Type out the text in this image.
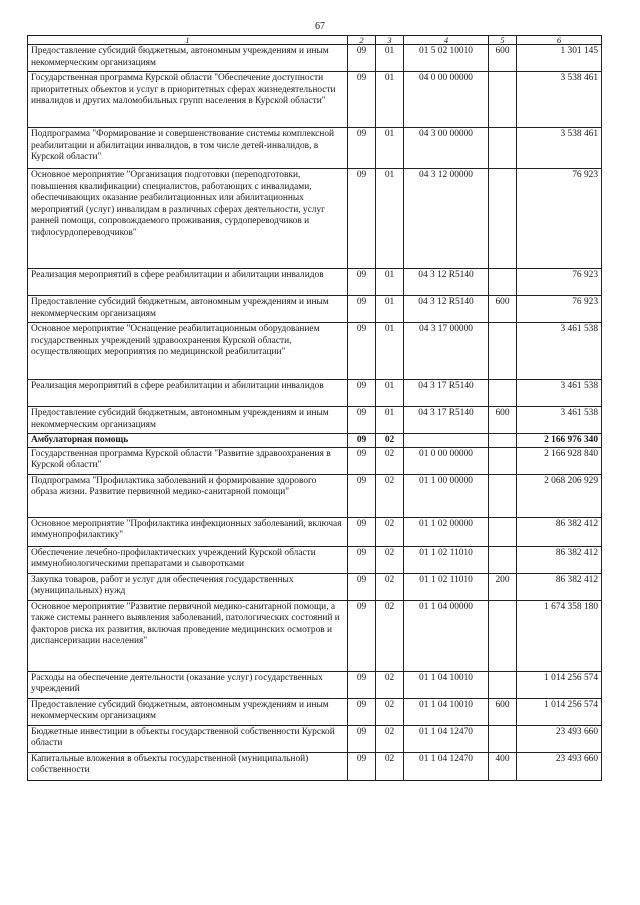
67
1	2	3	4	5	6
Предоставление субсидий бюджетным, автономным учреждениям и иным некоммерческим организациям	09	01	01 5 02 10010	600	1 301 145
Государственная программа Курской области "Обеспечение доступности приоритетных объектов и услуг в приоритетных сферах жизнедеятельности инвалидов и других маломобильных групп населения в Курской области"	09	01	04 0 00 00000		3 538 461
Подпрограмма "Формирование и совершенствование системы комплексной реабилитации и абилитации инвалидов, в том числе детей-инвалидов, в Курской области"	09	01	04 3 00 00000		3 538 461
Основное мероприятие "Организация подготовки (переподготовки, повышения квалификации) специалистов, работающих с инвалидами, обеспечивающих оказание реабилитационных или абилитационных мероприятий (услуг) инвалидам в различных сферах деятельности, услуг ранней помощи, сопровождаемого проживания, сурдопереводчиков и тифлосурдопереводчиков"	09	01	04 3 12 00000		76 923
Реализация мероприятий в сфере реабилитации и абилитации инвалидов	09	01	04 3 12 R5140		76 923
Предоставление субсидий бюджетным, автономным учреждениям и иным некоммерческим организациям	09	01	04 3 12 R5140	600	76 923
Основное мероприятие "Оснащение реабилитационным оборудованием государственных учреждений здравоохранения Курской области, осуществляющих мероприятия по медицинской реабилитации"	09	01	04 3 17 00000		3 461 538
Реализация мероприятий в сфере реабилитации и абилитации инвалидов	09	01	04 3 17 R5140		3 461 538
Предоставление субсидий бюджетным, автономным учреждениям и иным некоммерческим организациям	09	01	04 3 17 R5140	600	3 461 538
Амбулаторная помощь	09	02			2 166 976 340
Государственная программа Курской области "Развитие здравоохранения в Курской области"	09	02	01 0 00 00000		2 166 928 840
Подпрограмма "Профилактика заболеваний и формирование здорового образа жизни. Развитие первичной медико-санитарной помощи"	09	02	01 1 00 00000		2 068 206 929
Основное мероприятие "Профилактика инфекционных заболеваний, включая иммунопрофилактику"	09	02	01 1 02 00000		86 382 412
Обеспечение лечебно-профилактических учреждений Курской области иммунобиологическими препаратами и сыворотками	09	02	01 1 02 11010		86 382 412
Закупка товаров, работ и услуг для обеспечения государственных (муниципальных) нужд	09	02	01 1 02 11010	200	86 382 412
Основное мероприятие "Развитие первичной медико-санитарной помощи, а также системы раннего выявления заболеваний, патологических состояний и факторов риска их развития, включая проведение медицинских осмотров и диспансеризации населения"	09	02	01 1 04 00000		1 674 358 180
Расходы на обеспечение деятельности (оказание услуг) государственных учреждений	09	02	01 1 04 10010		1 014 256 574
Предоставление субсидий бюджетным, автономным учреждениям и иным некоммерческим организациям	09	02	01 1 04 10010	600	1 014 256 574
Бюджетные инвестиции в объекты государственной собственности Курской области	09	02	01 1 04 12470		23 493 660
Капитальные вложения в объекты государственной (муниципальной) собственности	09	02	01 1 04 12470	400	23 493 660
